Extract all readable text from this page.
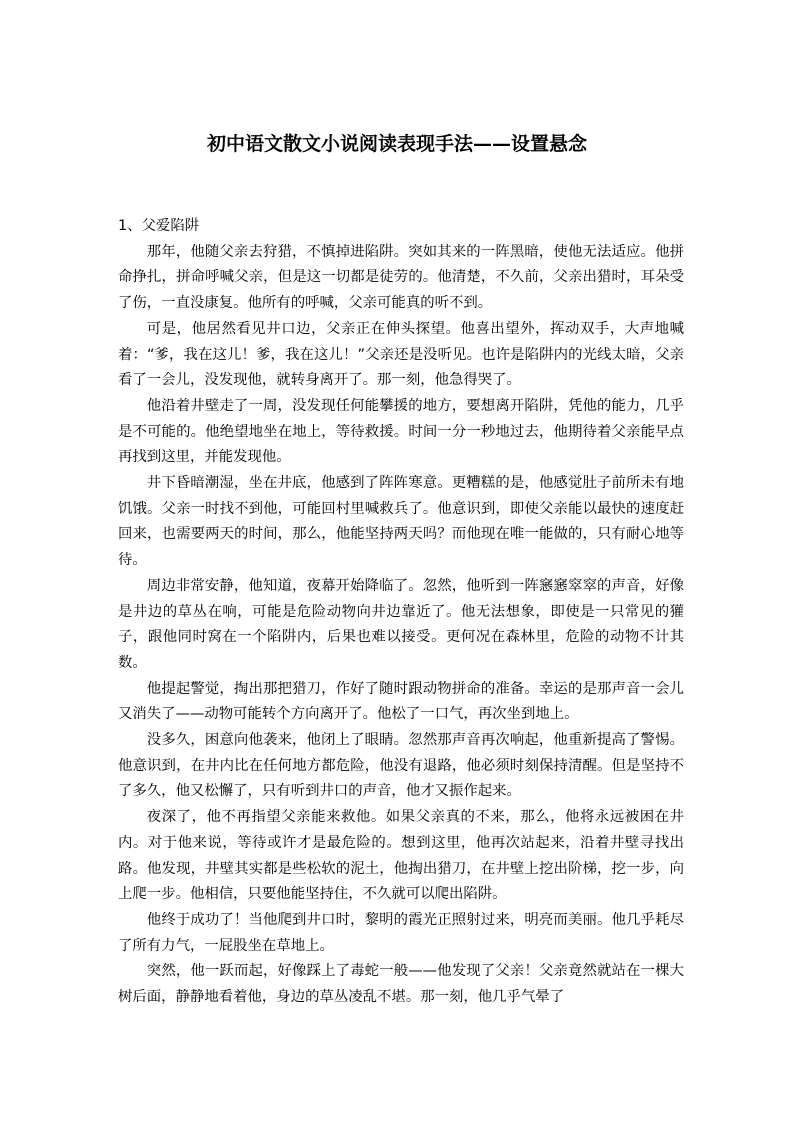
初中语文散文小说阅读表现手法——设置悬念

1、父爱陷阱

那年，他随父亲去狩猎，不慎掉进陷阱。突如其来的一阵黑暗，使他无法适应。他拼命挣扎，拼命呼喊父亲，但是这一切都是徒劳的。他清楚，不久前，父亲出猎时，耳朵受了伤，一直没康复。他所有的呼喊，父亲可能真的听不到。

可是，他居然看见井口边，父亲正在伸头探望。他喜出望外，挥动双手，大声地喊着：“爹，我在这儿！爹，我在这儿！”父亲还是没听见。也许是陷阱内的光线太暗，父亲看了一会儿，没发现他，就转身离开了。那一刻，他急得哭了。

他沿着井壁走了一周，没发现任何能攀援的地方，要想离开陷阱，凭他的能力，几乎是不可能的。他绝望地坐在地上，等待救援。时间一分一秒地过去，他期待着父亲能早点再找到这里，并能发现他。

井下昏暗潮湿，坐在井底，他感到了阵阵寒意。更糟糕的是，他感觉肚子前所未有地饥饿。父亲一时找不到他，可能回村里喊救兵了。他意识到，即使父亲能以最快的速度赶回来，也需要两天的时间，那么，他能坚持两天吗？而他现在唯一能做的，只有耐心地等待。

周边非常安静，他知道，夜幕开始降临了。忽然，他听到一阵窸窸窣窣的声音，好像是井边的草丛在响，可能是危险动物向井边靠近了。他无法想象，即使是一只常见的獾子，跟他同时窝在一个陷阱内，后果也难以接受。更何况在森林里，危险的动物不计其数。

他提起警觉，掏出那把猎刀，作好了随时跟动物拼命的准备。幸运的是那声音一会儿又消失了——动物可能转个方向离开了。他松了一口气，再次坐到地上。

没多久，困意向他袭来，他闭上了眼睛。忽然那声音再次响起，他重新提高了警惕。他意识到，在井内比在任何地方都危险，他没有退路，他必须时刻保持清醒。但是坚持不了多久，他又松懈了，只有听到井口的声音，他才又振作起来。

夜深了，他不再指望父亲能来救他。如果父亲真的不来，那么，他将永远被困在井内。对于他来说，等待或许才是最危险的。想到这里，他再次站起来，沿着井壁寻找出路。他发现，井壁其实都是些松软的泥土，他掏出猎刀，在井壁上挖出阶梯，挖一步，向上爬一步。他相信，只要他能坚持住，不久就可以爬出陷阱。

他终于成功了！当他爬到井口时，黎明的霞光正照射过来，明亮而美丽。他几乎耗尽了所有力气，一屁股坐在草地上。

突然，他一跃而起，好像踩上了毒蛇一般——他发现了父亲！父亲竟然就站在一棵大树后面，静静地看着他，身边的草丛凌乱不堪。那一刻，他几乎气晕了
